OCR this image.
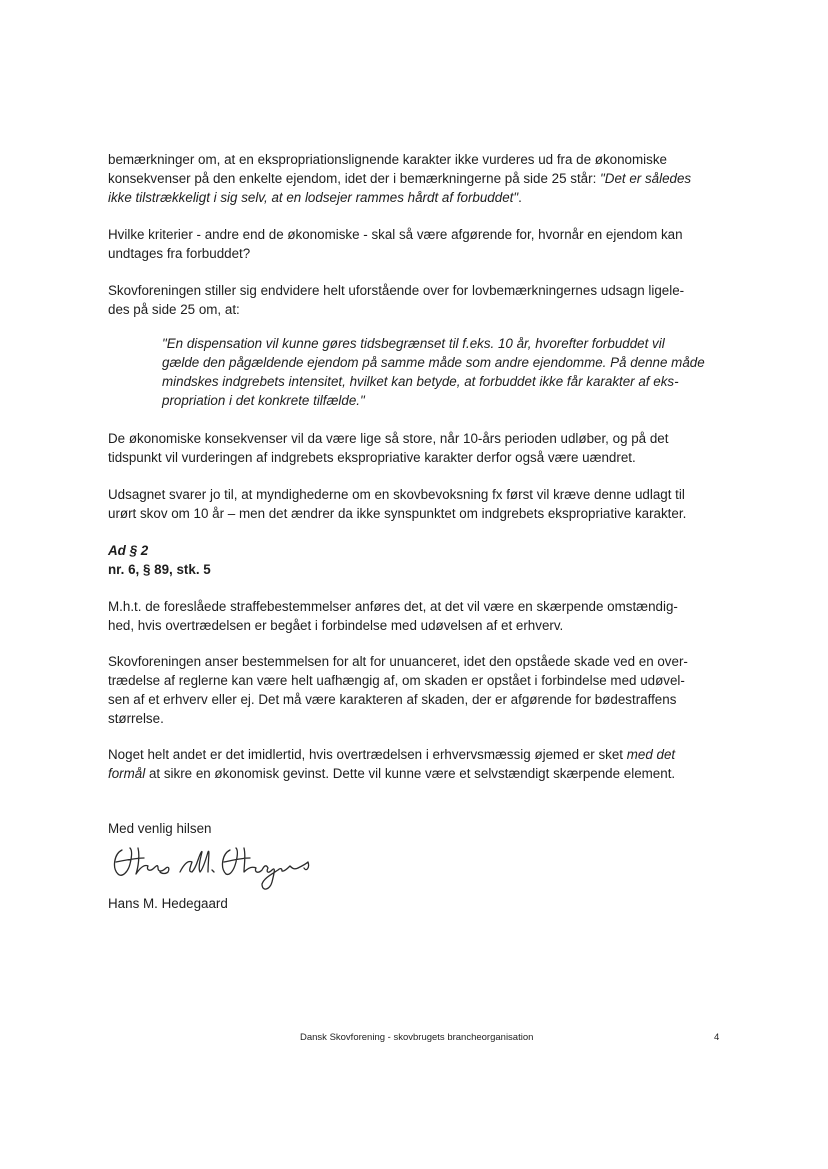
bemærkninger om, at en ekspropriationslignende karakter ikke vurderes ud fra de økonomiske
konsekvenser på den enkelte ejendom, idet der i bemærkningerne på side 25 står: "Det er således
ikke tilstrækkeligt i sig selv, at en lodsejer rammes hårdt af forbuddet".
Hvilke kriterier - andre end de økonomiske - skal så være afgørende for, hvornår en ejendom kan
undtages fra forbuddet?
Skovforeningen stiller sig endvidere helt uforstående over for lovbemærkningernes udsagn ligele-
des på side 25 om, at:
"En dispensation vil kunne gøres tidsbegrænset til f.eks. 10 år, hvorefter forbuddet vil
gælde den pågældende ejendom på samme måde som andre ejendomme. På denne måde
mindskes indgrebets intensitet, hvilket kan betyde, at forbuddet ikke får karakter af eks-
propriation i det konkrete tilfælde."
De økonomiske konsekvenser vil da være lige så store, når 10-års perioden udløber, og på det
tidspunkt vil vurderingen af indgrebets ekspropriative karakter derfor også være uændret.
Udsagnet svarer jo til, at myndighederne om en skovbevoksning fx først vil kræve denne udlagt til
urørt skov om 10 år – men det ændrer da ikke synspunktet om indgrebets ekspropriative karakter.
Ad § 2
nr. 6, § 89, stk. 5
M.h.t. de foreslåede straffebestemmelser anføres det, at det vil være en skærpende omstændig-
hed, hvis overtrædelsen er begået i forbindelse med udøvelsen af et erhverv.
Skovforeningen anser bestemmelsen for alt for unuanceret, idet den opståede skade ved en over-
trædelse af reglerne kan være helt uafhængig af, om skaden er opstået i forbindelse med udøvel-
sen af et erhverv eller ej. Det må være karakteren af skaden, der er afgørende for bødestraffens
størrelse.
Noget helt andet er det imidlertid, hvis overtrædelsen i erhvervsmæssig øjemed er sket med det
formål at sikre en økonomisk gevinst. Dette vil kunne være et selvstændigt skærpende element.
Med venlig hilsen
Hans M. Hedegaard
Dansk Skovforening - skovbrugets brancheorganisation	4
